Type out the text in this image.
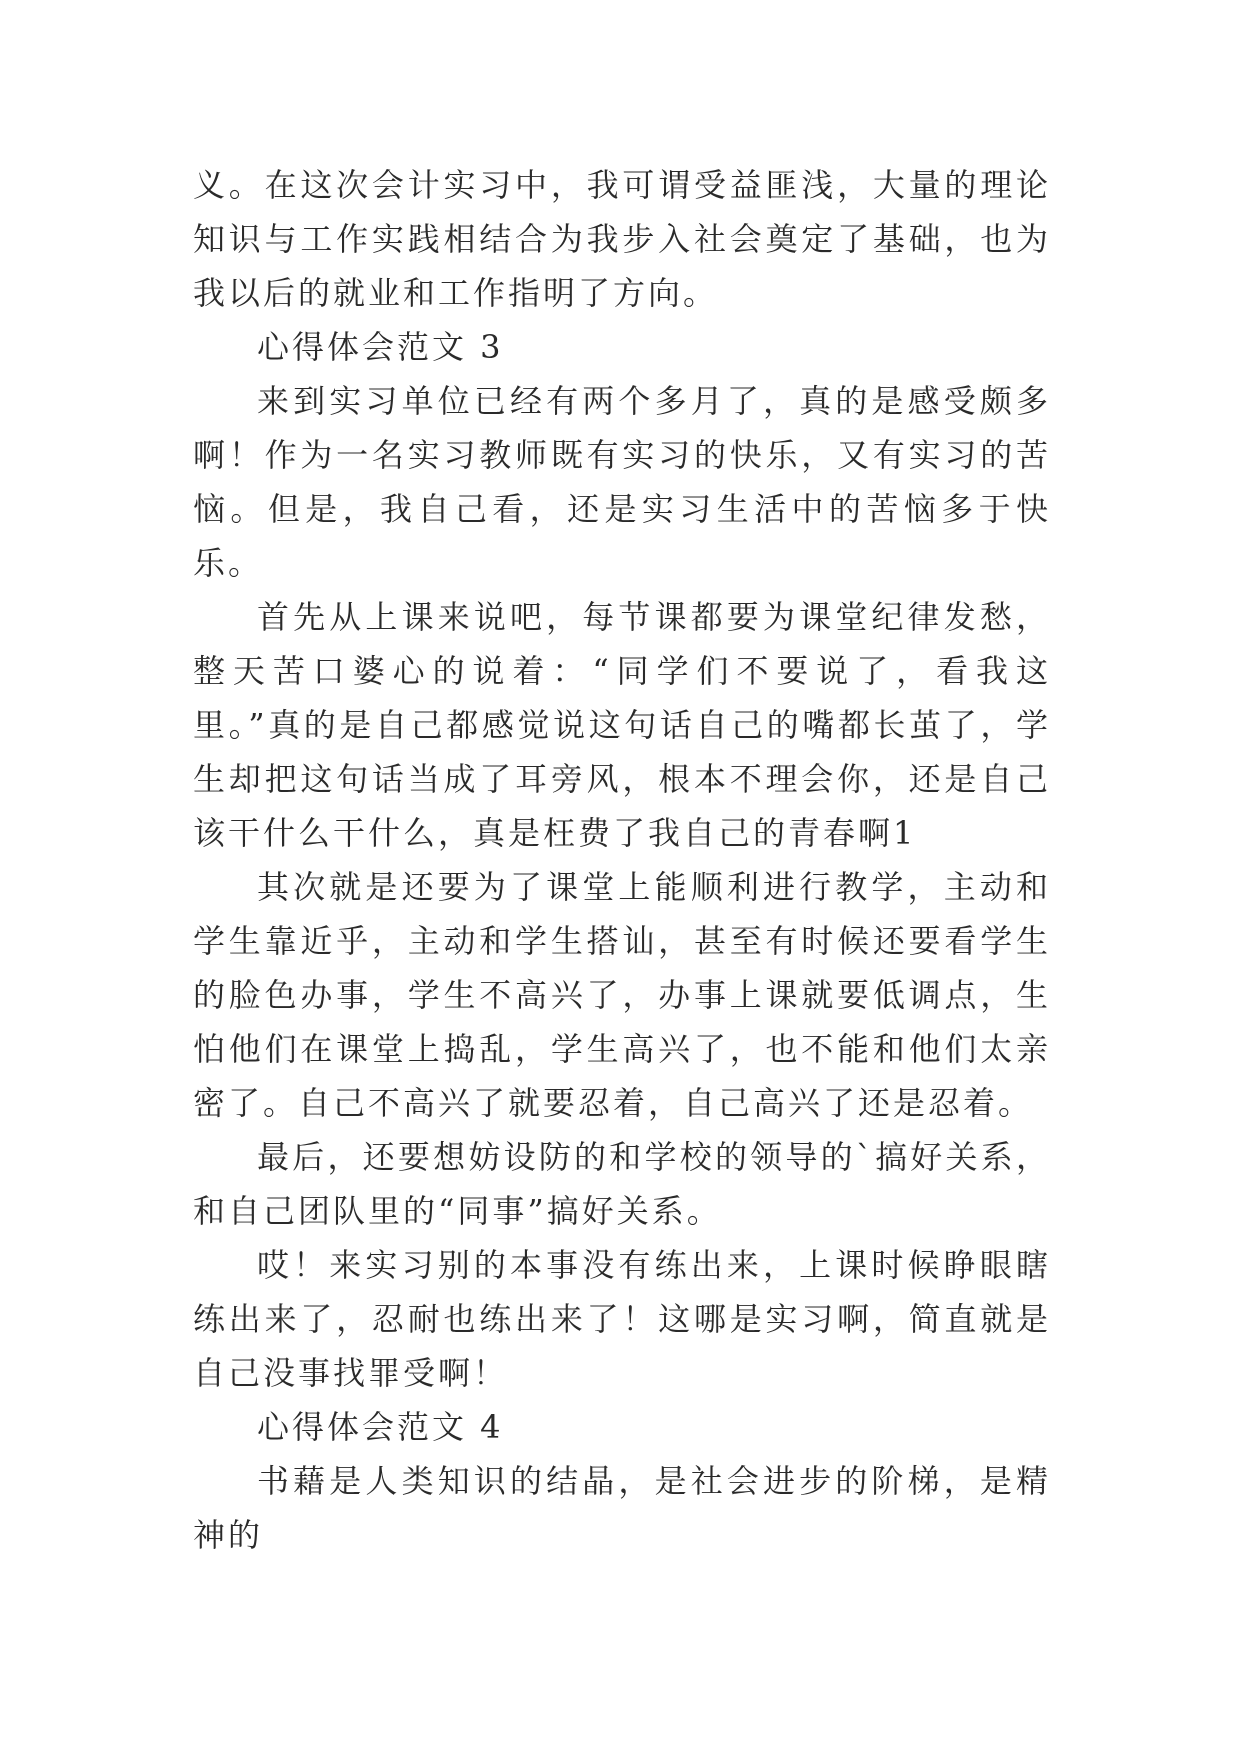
义。在这次会计实习中，我可谓受益匪浅，大量的理论知识与工作实践相结合为我步入社会奠定了基础，也为我以后的就业和工作指明了方向。

心得体会范文 3

来到实习单位已经有两个多月了，真的是感受颇多啊！作为一名实习教师既有实习的快乐，又有实习的苦恼。但是，我自己看，还是实习生活中的苦恼多于快乐。

首先从上课来说吧，每节课都要为课堂纪律发愁，整天苦口婆心的说着：“同学们不要说了，看我这里。”真的是自己都感觉说这句话自己的嘴都长茧了，学生却把这句话当成了耳旁风，根本不理会你，还是自己该干什么干什么，真是枉费了我自己的青春啊1

其次就是还要为了课堂上能顺利进行教学，主动和学生靠近乎，主动和学生搭讪，甚至有时候还要看学生的脸色办事，学生不高兴了，办事上课就要低调点，生怕他们在课堂上捣乱，学生高兴了，也不能和他们太亲密了。自己不高兴了就要忍着，自己高兴了还是忍着。

最后，还要想妨设防的和学校的领导的`搞好关系，和自己团队里的“同事”搞好关系。

哎！来实习别的本事没有练出来，上课时候睁眼瞎练出来了，忍耐也练出来了！这哪是实习啊，简直就是自己没事找罪受啊！

心得体会范文 4

书藉是人类知识的结晶，是社会进步的阶梯，是精神的
